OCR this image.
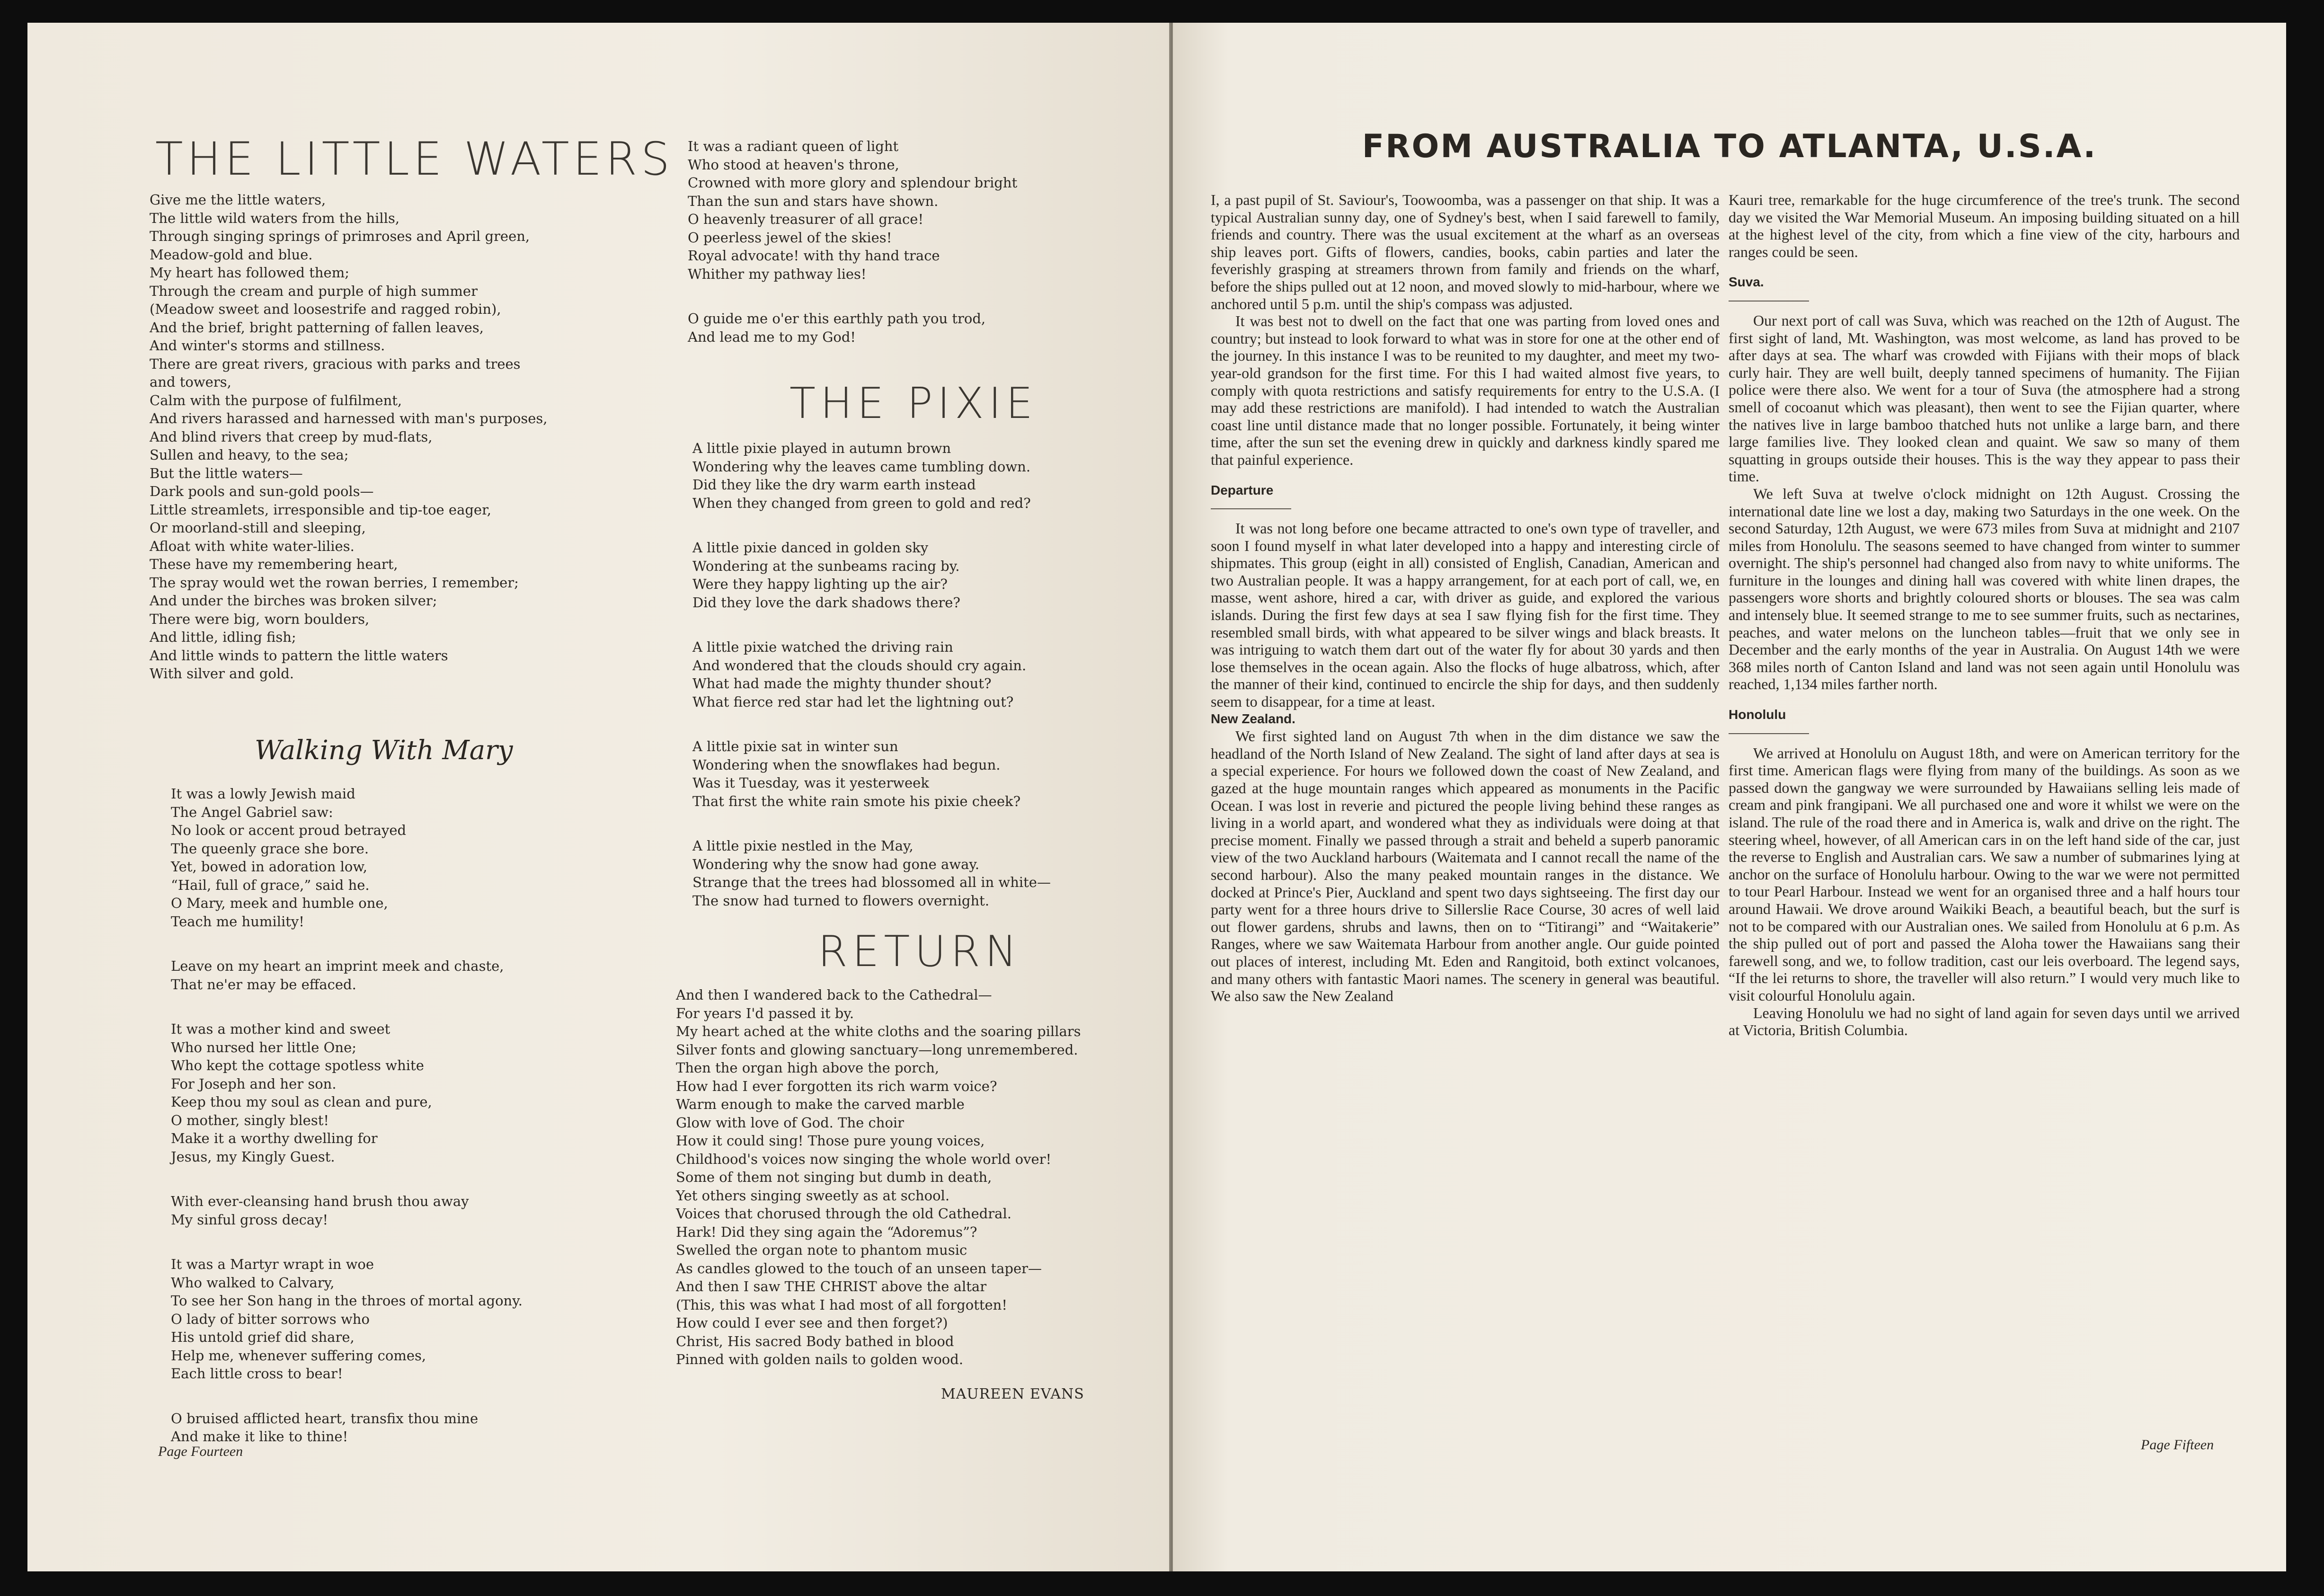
THE LITTLE WATERS

Give me the little waters,
The little wild waters from the hills,
Through singing springs of primroses and April green,
Meadow-gold and blue.
My heart has followed them;
Through the cream and purple of high summer
(Meadow sweet and loosestrife and ragged robin),
And the brief, bright patterning of fallen leaves,
And winter's storms and stillness.
There are great rivers, gracious with parks and trees
and towers,
Calm with the purpose of fulfilment,
And rivers harassed and harnessed with man's purposes,
And blind rivers that creep by mud-flats,
Sullen and heavy, to the sea;
But the little waters—
Dark pools and sun-gold pools—
Little streamlets, irresponsible and tip-toe eager,
Or moorland-still and sleeping,
Afloat with white water-lilies.
These have my remembering heart,
The spray would wet the rowan berries, I remember;
And under the birches was broken silver;
There were big, worn boulders,
And little, idling fish;
And little winds to pattern the little waters
With silver and gold.

Walking With Mary

It was a lowly Jewish maid
The Angel Gabriel saw:
No look or accent proud betrayed
The queenly grace she bore.
Yet, bowed in adoration low,
“Hail, full of grace,” said he.
O Mary, meek and humble one,
Teach me humility!

Leave on my heart an imprint meek and chaste,
That ne'er may be effaced.

It was a mother kind and sweet
Who nursed her little One;
Who kept the cottage spotless white
For Joseph and her son.
Keep thou my soul as clean and pure,
O mother, singly blest!
Make it a worthy dwelling for
Jesus, my Kingly Guest.

With ever-cleansing hand brush thou away
My sinful gross decay!

It was a Martyr wrapt in woe
Who walked to Calvary,
To see her Son hang in the throes of mortal agony.
O lady of bitter sorrows who
His untold grief did share,
Help me, whenever suffering comes,
Each little cross to bear!

O bruised afflicted heart, transfix thou mine
And make it like to thine!

It was a radiant queen of light
Who stood at heaven's throne,
Crowned with more glory and splendour bright
Than the sun and stars have shown.
O heavenly treasurer of all grace!
O peerless jewel of the skies!
Royal advocate! with thy hand trace
Whither my pathway lies!

O guide me o'er this earthly path you trod,
And lead me to my God!

THE PIXIE

A little pixie played in autumn brown
Wondering why the leaves came tumbling down.
Did they like the dry warm earth instead
When they changed from green to gold and red?

A little pixie danced in golden sky
Wondering at the sunbeams racing by.
Were they happy lighting up the air?
Did they love the dark shadows there?

A little pixie watched the driving rain
And wondered that the clouds should cry again.
What had made the mighty thunder shout?
What fierce red star had let the lightning out?

A little pixie sat in winter sun
Wondering when the snowflakes had begun.
Was it Tuesday, was it yesterweek
That first the white rain smote his pixie cheek?

A little pixie nestled in the May,
Wondering why the snow had gone away.
Strange that the trees had blossomed all in white—
The snow had turned to flowers overnight.

RETURN

And then I wandered back to the Cathedral—
For years I'd passed it by.
My heart ached at the white cloths and the soaring pillars
Silver fonts and glowing sanctuary—long unremembered.
Then the organ high above the porch,
How had I ever forgotten its rich warm voice?
Warm enough to make the carved marble
Glow with love of God. The choir
How it could sing! Those pure young voices,
Childhood's voices now singing the whole world over!
Some of them not singing but dumb in death,
Yet others singing sweetly as at school.
Voices that chorused through the old Cathedral.
Hark! Did they sing again the “Adoremus”?
Swelled the organ note to phantom music
As candles glowed to the touch of an unseen taper—
And then I saw THE CHRIST above the altar
(This, this was what I had most of all forgotten!
How could I ever see and then forget?)
Christ, His sacred Body bathed in blood
Pinned with golden nails to golden wood.

MAUREEN EVANS
Page Fourteen
FROM AUSTRALIA TO ATLANTA, U.S.A.

I, a past pupil of St. Saviour's, Toowoomba, was a passenger on that ship. It was a typical Australian sunny day, one of Sydney's best, when I said farewell to family, friends and country. There was the usual excitement at the wharf as an overseas ship leaves port. Gifts of flowers, candies, books, cabin parties and later the feverishly grasping at streamers thrown from family and friends on the wharf, before the ships pulled out at 12 noon, and moved slowly to mid-harbour, where we anchored until 5 p.m. until the ship's compass was adjusted.

It was best not to dwell on the fact that one was parting from loved ones and country; but instead to look forward to what was in store for one at the other end of the journey. In this instance I was to be reunited to my daughter, and meet my two-year-old grandson for the first time. For this I had waited almost five years, to comply with quota restrictions and satisfy requirements for entry to the U.S.A. (I may add these restrictions are manifold). I had intended to watch the Australian coast line until distance made that no longer possible. Fortunately, it being winter time, after the sun set the evening drew in quickly and darkness kindly spared me that painful experience.

Departure

It was not long before one became attracted to one's own type of traveller, and soon I found myself in what later developed into a happy and interesting circle of shipmates. This group (eight in all) consisted of English, Canadian, American and two Australian people. It was a happy arrangement, for at each port of call, we, en masse, went ashore, hired a car, with driver as guide, and explored the various islands. During the first few days at sea I saw flying fish for the first time. They resembled small birds, with what appeared to be silver wings and black breasts. It was intriguing to watch them dart out of the water fly for about 30 yards and then lose themselves in the ocean again. Also the flocks of huge albatross, which, after the manner of their kind, continued to encircle the ship for days, and then suddenly seem to disappear, for a time at least.

New Zealand.

We first sighted land on August 7th when in the dim distance we saw the headland of the North Island of New Zealand. The sight of land after days at sea is a special experience. For hours we followed down the coast of New Zealand, and gazed at the huge mountain ranges which appeared as monuments in the Pacific Ocean. I was lost in reverie and pictured the people living behind these ranges as living in a world apart, and wondered what they as individuals were doing at that precise moment. Finally we passed through a strait and beheld a superb panoramic view of the two Auckland harbours (Waitemata and I cannot recall the name of the second harbour). Also the many peaked mountain ranges in the distance. We docked at Prince's Pier, Auckland and spent two days sightseeing. The first day our party went for a three hours drive to Sillerslie Race Course, 30 acres of well laid out flower gardens, shrubs and lawns, then on to “Titirangi” and “Waitakerie” Ranges, where we saw Waitemata Harbour from another angle. Our guide pointed out places of interest, including Mt. Eden and Rangitoid, both extinct volcanoes, and many others with fantastic Maori names. The scenery in general was beautiful. We also saw the New Zealand

Kauri tree, remarkable for the huge circumference of the tree's trunk. The second day we visited the War Memorial Museum. An imposing building situated on a hill at the highest level of the city, from which a fine view of the city, harbours and ranges could be seen.

Suva.

Our next port of call was Suva, which was reached on the 12th of August. The first sight of land, Mt. Washington, was most welcome, as land has proved to be after days at sea. The wharf was crowded with Fijians with their mops of black curly hair. They are well built, deeply tanned specimens of humanity. The Fijian police were there also. We went for a tour of Suva (the atmosphere had a strong smell of cocoanut which was pleasant), then went to see the Fijian quarter, where the natives live in large bamboo thatched huts not unlike a large barn, and there large families live. They looked clean and quaint. We saw so many of them squatting in groups outside their houses. This is the way they appear to pass their time.

We left Suva at twelve o'clock midnight on 12th August. Crossing the international date line we lost a day, making two Saturdays in the one week. On the second Saturday, 12th August, we were 673 miles from Suva at midnight and 2107 miles from Honolulu. The seasons seemed to have changed from winter to summer overnight. The ship's personnel had changed also from navy to white uniforms. The furniture in the lounges and dining hall was covered with white linen drapes, the passengers wore shorts and brightly coloured shorts or blouses. The sea was calm and intensely blue. It seemed strange to me to see summer fruits, such as nectarines, peaches, and water melons on the luncheon tables—fruit that we only see in December and the early months of the year in Australia. On August 14th we were 368 miles north of Canton Island and land was not seen again until Honolulu was reached, 1,134 miles farther north.

Honolulu

We arrived at Honolulu on August 18th, and were on American territory for the first time. American flags were flying from many of the buildings. As soon as we passed down the gangway we were surrounded by Hawaiians selling leis made of cream and pink frangipani. We all purchased one and wore it whilst we were on the island. The rule of the road there and in America is, walk and drive on the right. The steering wheel, however, of all American cars in on the left hand side of the car, just the reverse to English and Australian cars. We saw a number of submarines lying at anchor on the surface of Honolulu harbour. Owing to the war we were not permitted to tour Pearl Harbour. Instead we went for an organised three and a half hours tour around Hawaii. We drove around Waikiki Beach, a beautiful beach, but the surf is not to be compared with our Australian ones. We sailed from Honolulu at 6 p.m. As the ship pulled out of port and passed the Aloha tower the Hawaiians sang their farewell song, and we, to follow tradition, cast our leis overboard. The legend says, “If the lei returns to shore, the traveller will also return.” I would very much like to visit colourful Honolulu again.

Leaving Honolulu we had no sight of land again for seven days until we arrived at Victoria, British Columbia.

Page Fifteen
